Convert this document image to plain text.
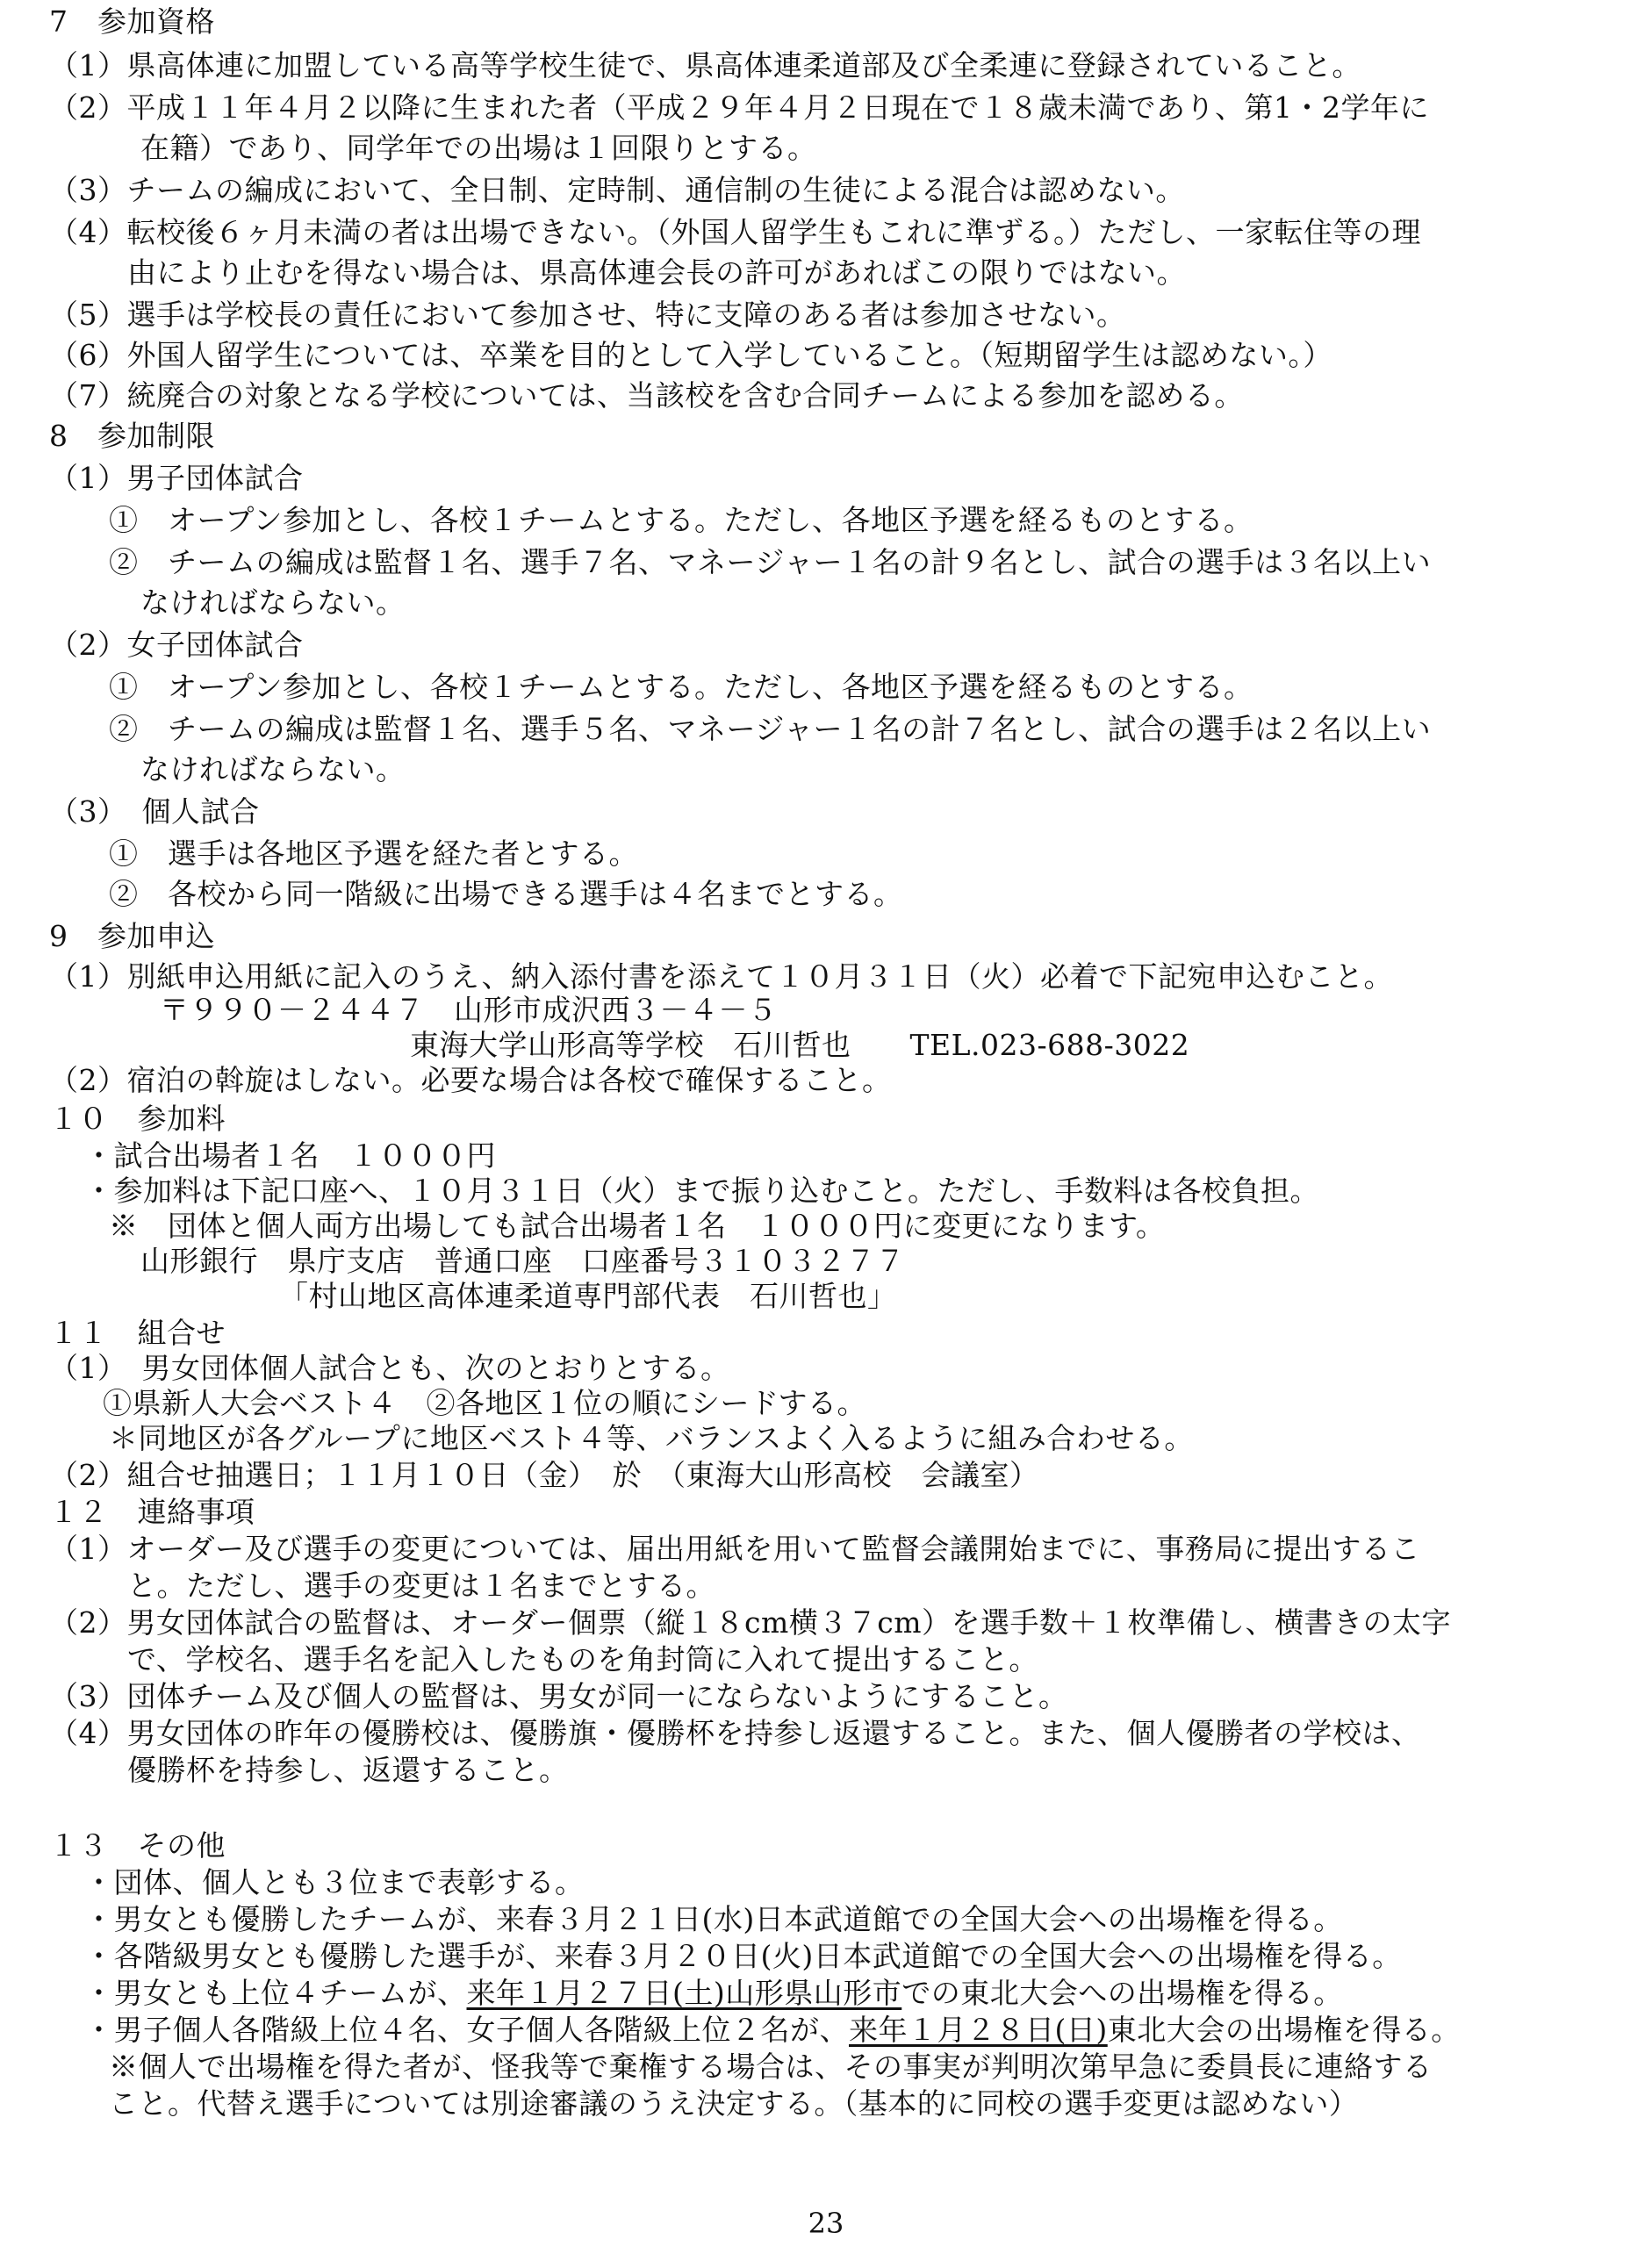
7　参加資格
（1）県高体連に加盟している高等学校生徒で、県高体連柔道部及び全柔連に登録されていること。
（2）平成１１年４月２以降に生まれた者（平成２９年４月２日現在で１８歳未満であり、第1・2学年に
在籍）であり、同学年での出場は１回限りとする。
（3）チームの編成において、全日制、定時制、通信制の生徒による混合は認めない。
（4）転校後６ヶ月未満の者は出場できない。（外国人留学生もこれに準ずる。）ただし、一家転住等の理
由により止むを得ない場合は、県高体連会長の許可があればこの限りではない。
（5）選手は学校長の責任において参加させ、特に支障のある者は参加させない。
（6）外国人留学生については、卒業を目的として入学していること。（短期留学生は認めない。）
（7）統廃合の対象となる学校については、当該校を含む合同チームによる参加を認める。
8　参加制限
（1）男子団体試合
①　オープン参加とし、各校１チームとする。ただし、各地区予選を経るものとする。
②　チームの編成は監督１名、選手７名、マネージャー１名の計９名とし、試合の選手は３名以上い
なければならない。
（2）女子団体試合
①　オープン参加とし、各校１チームとする。ただし、各地区予選を経るものとする。
②　チームの編成は監督１名、選手５名、マネージャー１名の計７名とし、試合の選手は２名以上い
なければならない。
（3）　個人試合
①　選手は各地区予選を経た者とする。
②　各校から同一階級に出場できる選手は４名までとする。
9　参加申込
（1）別紙申込用紙に記入のうえ、納入添付書を添えて１０月３１日（火）必着で下記宛申込むこと。
〒９９０－２４４７　山形市成沢西３－４－５
東海大学山形高等学校　石川哲也　　TEL.023-688-3022
（2）宿泊の斡旋はしない。必要な場合は各校で確保すること。
１０　参加料
・試合出場者１名　１０００円
・参加料は下記口座へ、１０月３１日（火）まで振り込むこと。ただし、手数料は各校負担。
※　団体と個人両方出場しても試合出場者１名　１０００円に変更になります。
山形銀行　県庁支店　普通口座　口座番号３１０３２７７
「村山地区高体連柔道専門部代表　石川哲也」
１１　組合せ
（1）　男女団体個人試合とも、次のとおりとする。
①県新人大会ベスト４　②各地区１位の順にシードする。
＊同地区が各グループに地区ベスト４等、バランスよく入るように組み合わせる。
（2）組合せ抽選日；１１月１０日（金）　於　（東海大山形高校　会議室）
１２　連絡事項
（1）オーダー及び選手の変更については、届出用紙を用いて監督会議開始までに、事務局に提出するこ
と。ただし、選手の変更は１名までとする。
（2）男女団体試合の監督は、オーダー個票（縦１８cm横３７cm）を選手数＋１枚準備し、横書きの太字
で、学校名、選手名を記入したものを角封筒に入れて提出すること。
（3）団体チーム及び個人の監督は、男女が同一にならないようにすること。
（4）男女団体の昨年の優勝校は、優勝旗・優勝杯を持参し返還すること。また、個人優勝者の学校は、
優勝杯を持参し、返還すること。
１３　その他
・団体、個人とも３位まで表彰する。
・男女とも優勝したチームが、来春３月２１日(水)日本武道館での全国大会への出場権を得る。
・各階級男女とも優勝した選手が、来春３月２０日(火)日本武道館での全国大会への出場権を得る。
・男女とも上位４チームが、来年１月２７日(土)山形県山形市での東北大会への出場権を得る。
・男子個人各階級上位４名、女子個人各階級上位２名が、来年１月２８日(日)東北大会の出場権を得る。
※個人で出場権を得た者が、怪我等で棄権する場合は、その事実が判明次第早急に委員長に連絡する
こと。代替え選手については別途審議のうえ決定する。（基本的に同校の選手変更は認めない）
23
